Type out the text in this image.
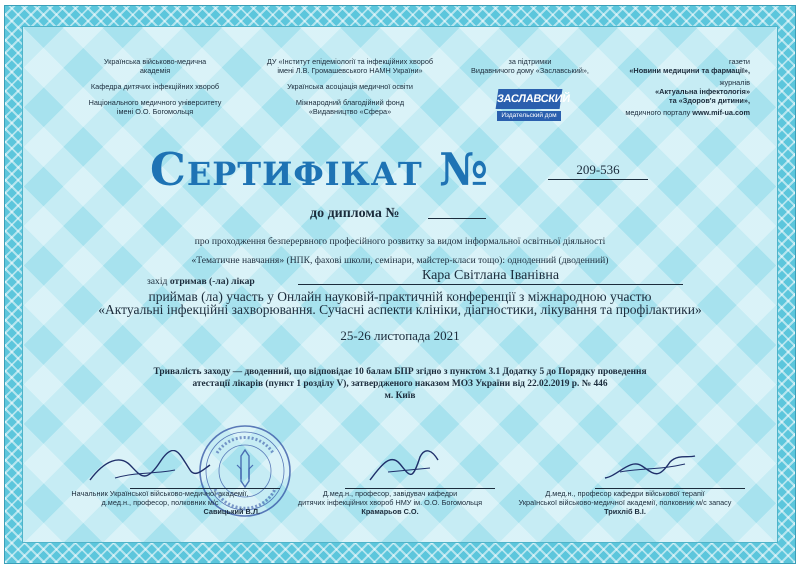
Українська військово-медична
академія
Кафедра дитячих інфекційних хвороб
Національного медичного університету
імені О.О. Богомольця
ДУ «Інститут епідеміології та інфекційних хвороб
імені Л.В. Громашевського НАМН України»
Українська асоціація медичної освіти
Міжнародний благодійний фонд
«Видавництво «Сфера»
за підтримки
Видавничого дому «Заславський»,
ЗАСЛАВСКИЙ
Издательский дом
газети
«Новини медицини та фармації»,
журналів
«Актуальна інфектологія»
та «Здоров'я дитини»,
медичного порталу www.mif-ua.com
Сертифікат №	209-536
до диплома №
про проходження безперервного професійного розвитку за видом інформальної освітньої діяльності
«Тематичне навчання» (НПК, фахові школи, семінари, майстер-класи тощо): одноденний (дводенний)
захід отримав (-ла) лікар	Кара Світлана Іванівна
приймав (ла) участь у Онлайн науковій-практичній конференції з міжнародною участю
«Актуальні інфекційні захворювання. Сучасні аспекти клініки, діагностики, лікування та профілактики»
25-26 листопада 2021
Тривалість заходу — дводенний, що відповідає 10 балам БПР згідно з пунктом 3.1 Додатку 5 до Порядку проведення
атестації лікарів (пункт 1 розділу V), затвердженого наказом МОЗ України від 22.02.2019 р. № 446
м. Київ
Начальник Української військово-медичної академії,
д.мед.н., професор, полковник м/с
Савицький В.Л.
Д.мед.н., професор, завідувач кафедри
дитячих інфекційних хвороб НМУ ім. О.О. Богомольця
Крамарьов С.О.
Д.мед.н., професор кафедри військової терапії
Української військово-медичної академії, полковник м/с запасу
Трихліб В.І.
